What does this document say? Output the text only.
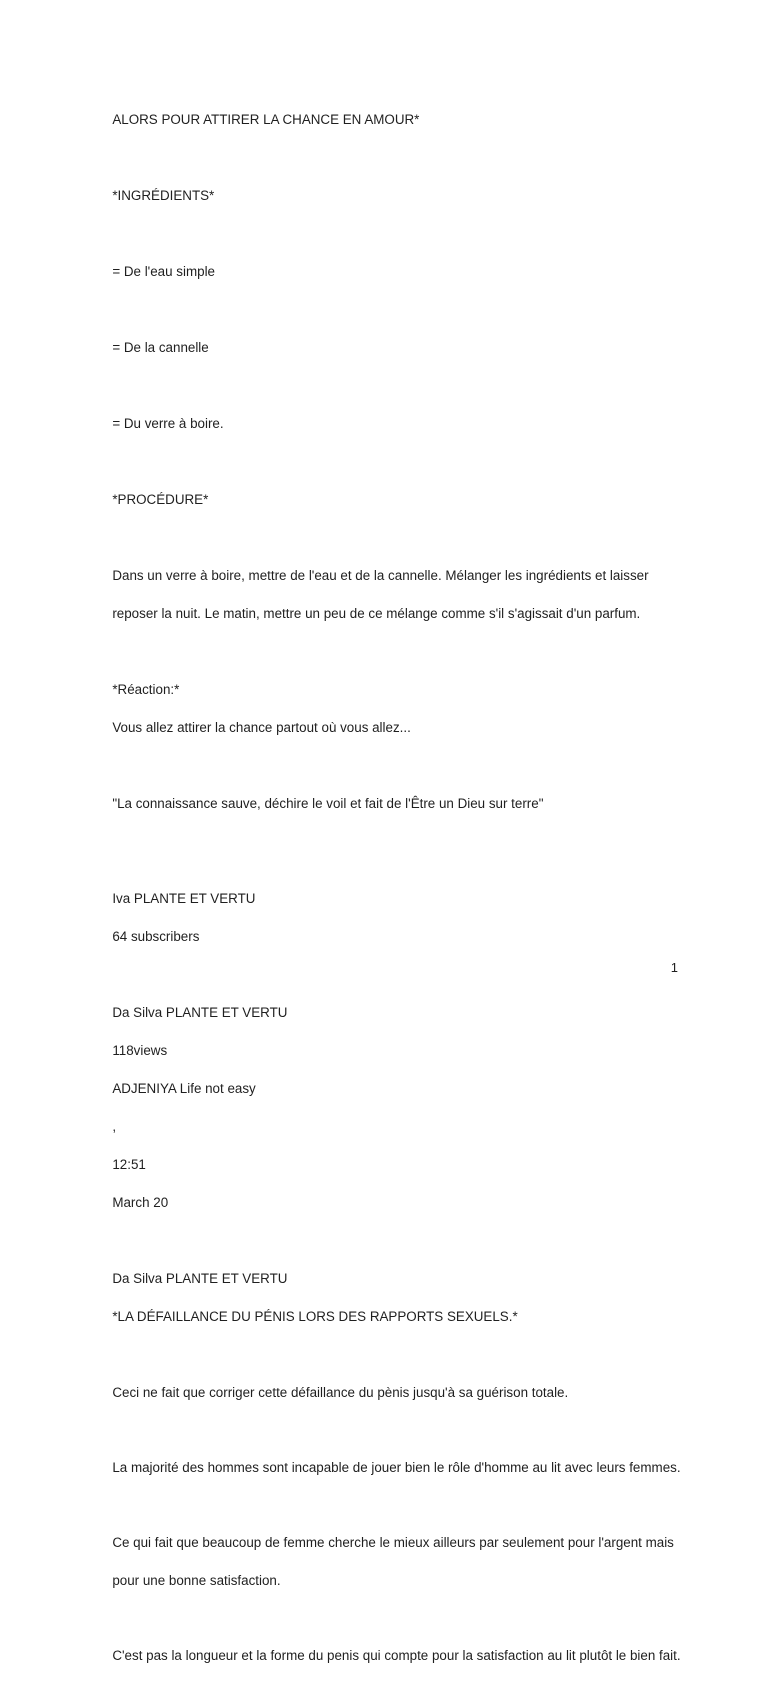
ALORS POUR ATTIRER LA CHANCE EN AMOUR*

*INGRÉDIENTS*

= De l'eau simple

= De la cannelle

= Du verre à boire.

*PROCÉDURE*

Dans un verre à boire, mettre de l'eau et de la cannelle. Mélanger les ingrédients et laisser

reposer la nuit. Le matin, mettre un peu de ce mélange comme s'il s'agissait d'un parfum.

*Réaction:*

Vous allez attirer la chance partout où vous allez...

"La connaissance sauve, déchire le voil et fait de l'Être un Dieu sur terre"

Iva PLANTE ET VERTU

64 subscribers

Da Silva PLANTE ET VERTU

118views

ADJENIYA Life not easy

,

12:51

March 20

Da Silva PLANTE ET VERTU

*LA DÉFAILLANCE DU PÉNIS LORS DES RAPPORTS SEXUELS.*

Ceci ne fait que corriger cette défaillance du pènis jusqu'à sa guérison totale.

La majorité des hommes sont incapable de jouer bien le rôle d'homme au lit avec leurs femmes.

Ce qui fait que beaucoup de femme cherche le mieux ailleurs par seulement pour l'argent mais

pour une bonne satisfaction.

C'est pas la longueur et la forme du penis qui compte pour la satisfaction au lit plutôt le bien fait.

1
